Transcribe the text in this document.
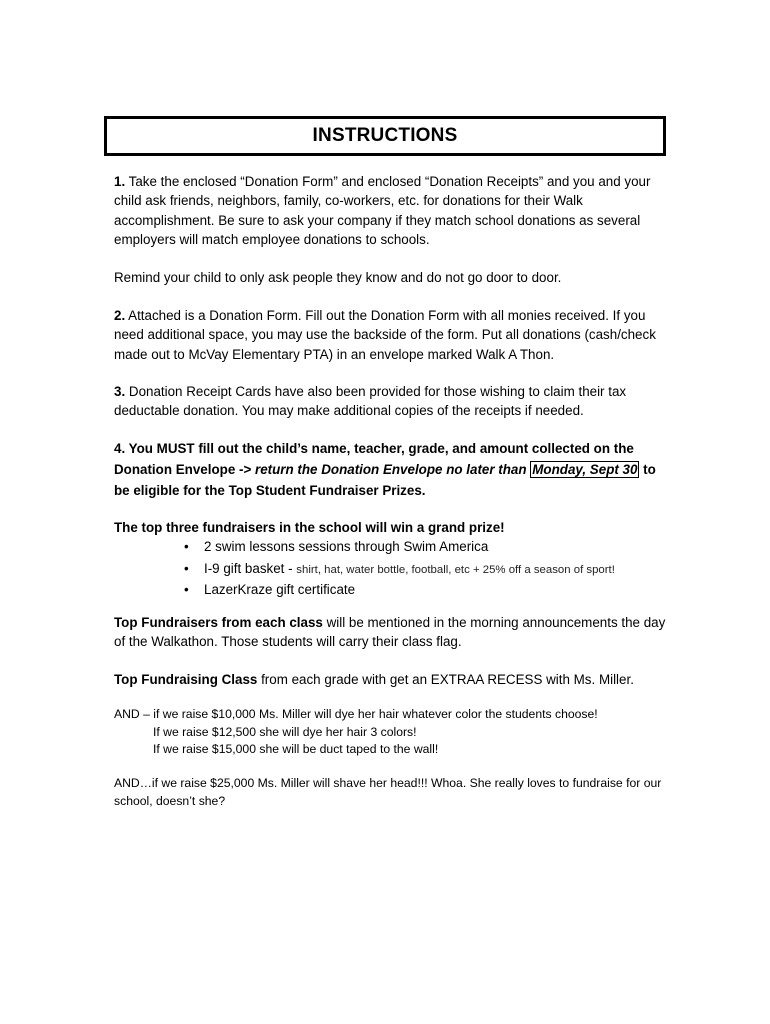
INSTRUCTIONS

1. Take the enclosed “Donation Form” and enclosed “Donation Receipts” and you and your child ask friends, neighbors, family, co-workers, etc. for donations for their Walk accomplishment. Be sure to ask your company if they match school donations as several employers will match employee donations to schools.

Remind your child to only ask people they know and do not go door to door.

2. Attached is a Donation Form. Fill out the Donation Form with all monies received. If you need additional space, you may use the backside of the form. Put all donations (cash/check made out to McVay Elementary PTA) in an envelope marked Walk A Thon.

3. Donation Receipt Cards have also been provided for those wishing to claim their tax deductable donation. You may make additional copies of the receipts if needed.

4. You MUST fill out the child’s name, teacher, grade, and amount collected on the Donation Envelope -> return the Donation Envelope no later than Monday, Sept 30 to be eligible for the Top Student Fundraiser Prizes.

The top three fundraisers in the school will win a grand prize!
• 2 swim lessons sessions through Swim America
• I-9 gift basket - shirt, hat, water bottle, football, etc + 25% off a season of sport!
• LazerKraze gift certificate

Top Fundraisers from each class will be mentioned in the morning announcements the day of the Walkathon. Those students will carry their class flag.

Top Fundraising Class from each grade with get an EXTRAA RECESS with Ms. Miller.

AND – if we raise $10,000 Ms. Miller will dye her hair whatever color the students choose!
If we raise $12,500 she will dye her hair 3 colors!
If we raise $15,000 she will be duct taped to the wall!

AND…if we raise $25,000 Ms. Miller will shave her head!!! Whoa. She really loves to fundraise for our school, doesn’t she?
